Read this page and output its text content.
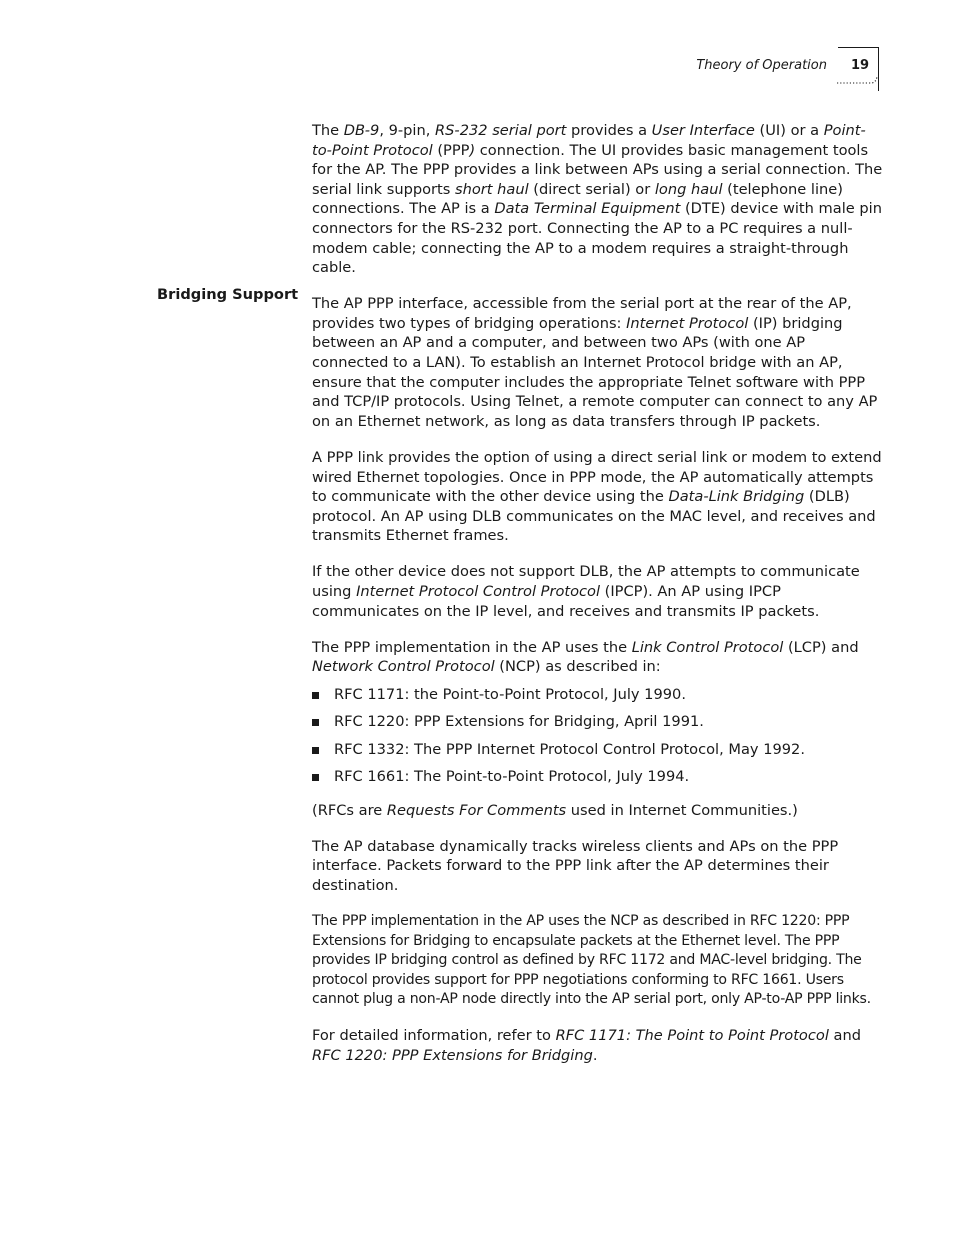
Theory of Operation 19
Bridging Support

The DB-9, 9-pin, RS-232 serial port provides a User Interface (UI) or a Point-to-Point Protocol (PPP) connection. The UI provides basic management tools for the AP. The PPP provides a link between APs using a serial connection. The serial link supports short haul (direct serial) or long haul (telephone line) connections. The AP is a Data Terminal Equipment (DTE) device with male pin connectors for the RS-232 port. Connecting the AP to a PC requires a null-modem cable; connecting the AP to a modem requires a straight-through cable.

The AP PPP interface, accessible from the serial port at the rear of the AP, provides two types of bridging operations: Internet Protocol (IP) bridging between an AP and a computer, and between two APs (with one AP connected to a LAN). To establish an Internet Protocol bridge with an AP, ensure that the computer includes the appropriate Telnet software with PPP and TCP/IP protocols. Using Telnet, a remote computer can connect to any AP on an Ethernet network, as long as data transfers through IP packets.

A PPP link provides the option of using a direct serial link or modem to extend wired Ethernet topologies. Once in PPP mode, the AP automatically attempts to communicate with the other device using the Data-Link Bridging (DLB) protocol. An AP using DLB communicates on the MAC level, and receives and transmits Ethernet frames.

If the other device does not support DLB, the AP attempts to communicate using Internet Protocol Control Protocol (IPCP). An AP using IPCP communicates on the IP level, and receives and transmits IP packets.

The PPP implementation in the AP uses the Link Control Protocol (LCP) and Network Control Protocol (NCP) as described in:

RFC 1171: the Point-to-Point Protocol, July 1990.
RFC 1220: PPP Extensions for Bridging, April 1991.
RFC 1332: The PPP Internet Protocol Control Protocol, May 1992.
RFC 1661: The Point-to-Point Protocol, July 1994.

(RFCs are Requests For Comments used in Internet Communities.)

The AP database dynamically tracks wireless clients and APs on the PPP interface. Packets forward to the PPP link after the AP determines their destination.

The PPP implementation in the AP uses the NCP as described in RFC 1220: PPP Extensions for Bridging to encapsulate packets at the Ethernet level. The PPP provides IP bridging control as defined by RFC 1172 and MAC-level bridging. The protocol provides support for PPP negotiations conforming to RFC 1661. Users cannot plug a non-AP node directly into the AP serial port, only AP-to-AP PPP links.

For detailed information, refer to RFC 1171: The Point to Point Protocol and RFC 1220: PPP Extensions for Bridging.
